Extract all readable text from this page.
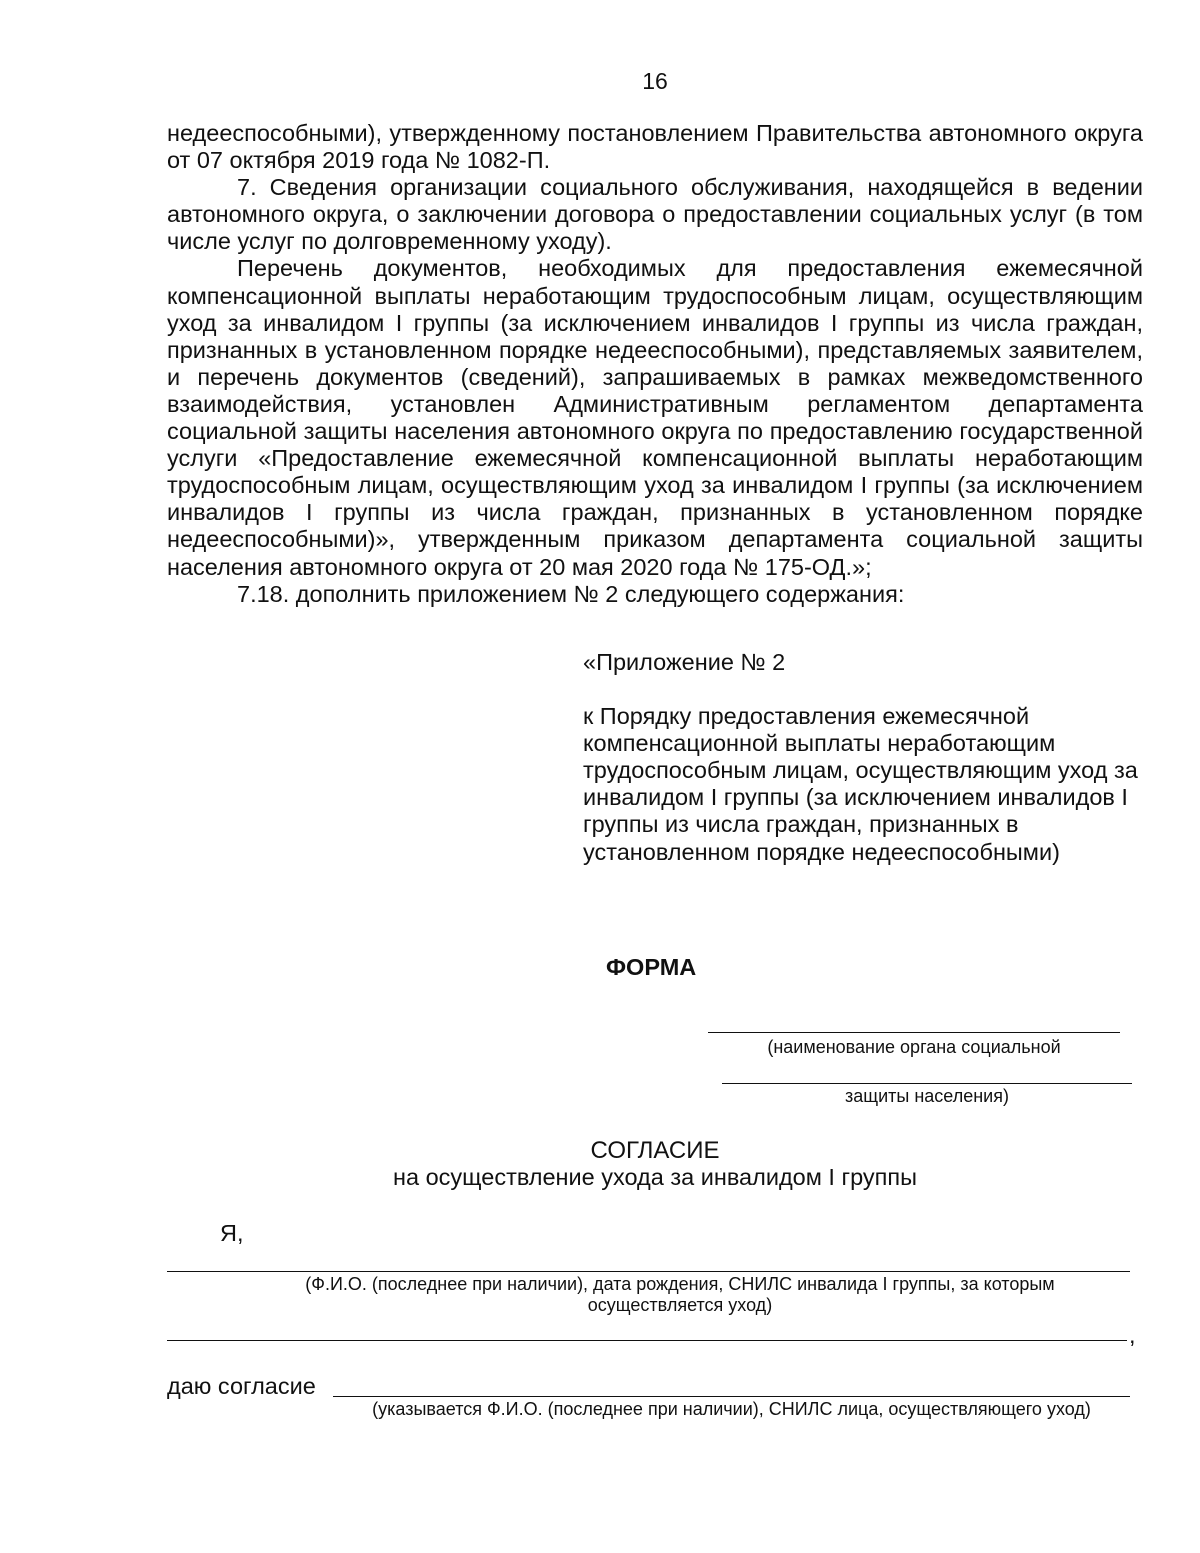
16

недееспособными), утвержденному постановлением Правительства автономного округа от 07 октября 2019 года № 1082-П.

7. Сведения организации социального обслуживания, находящейся в ведении автономного округа, о заключении договора о предоставлении социальных услуг (в том числе услуг по долговременному уходу).

Перечень документов, необходимых для предоставления ежемесячной компенсационной выплаты неработающим трудоспособным лицам, осуществляющим уход за инвалидом I группы (за исключением инвалидов I группы из числа граждан, признанных в установленном порядке недееспособными), представляемых заявителем, и перечень документов (сведений), запрашиваемых в рамках межведомственного взаимодействия, установлен Административным регламентом департамента социальной защиты населения автономного округа по предоставлению государственной услуги «Предоставление ежемесячной компенсационной выплаты неработающим трудоспособным лицам, осуществляющим уход за инвалидом I группы (за исключением инвалидов I группы из числа граждан, признанных в установленном порядке недееспособными)», утвержденным приказом департамента социальной защиты населения автономного округа от 20 мая 2020 года № 175-ОД.»;

7.18. дополнить приложением № 2 следующего содержания:

«Приложение № 2

к Порядку предоставления ежемесячной компенсационной выплаты неработающим трудоспособным лицам, осуществляющим уход за инвалидом I группы (за исключением инвалидов I группы из числа граждан, признанных в установленном порядке недееспособными)

ФОРМА
(наименование органа социальной
защиты населения)
СОГЛАСИЕ
на осуществление ухода за инвалидом I группы
Я,
(Ф.И.О. (последнее при наличии), дата рождения, СНИЛС инвалида I группы, за которым осуществляется уход)
,
даю согласие
(указывается Ф.И.О. (последнее при наличии), СНИЛС лица, осуществляющего уход)
